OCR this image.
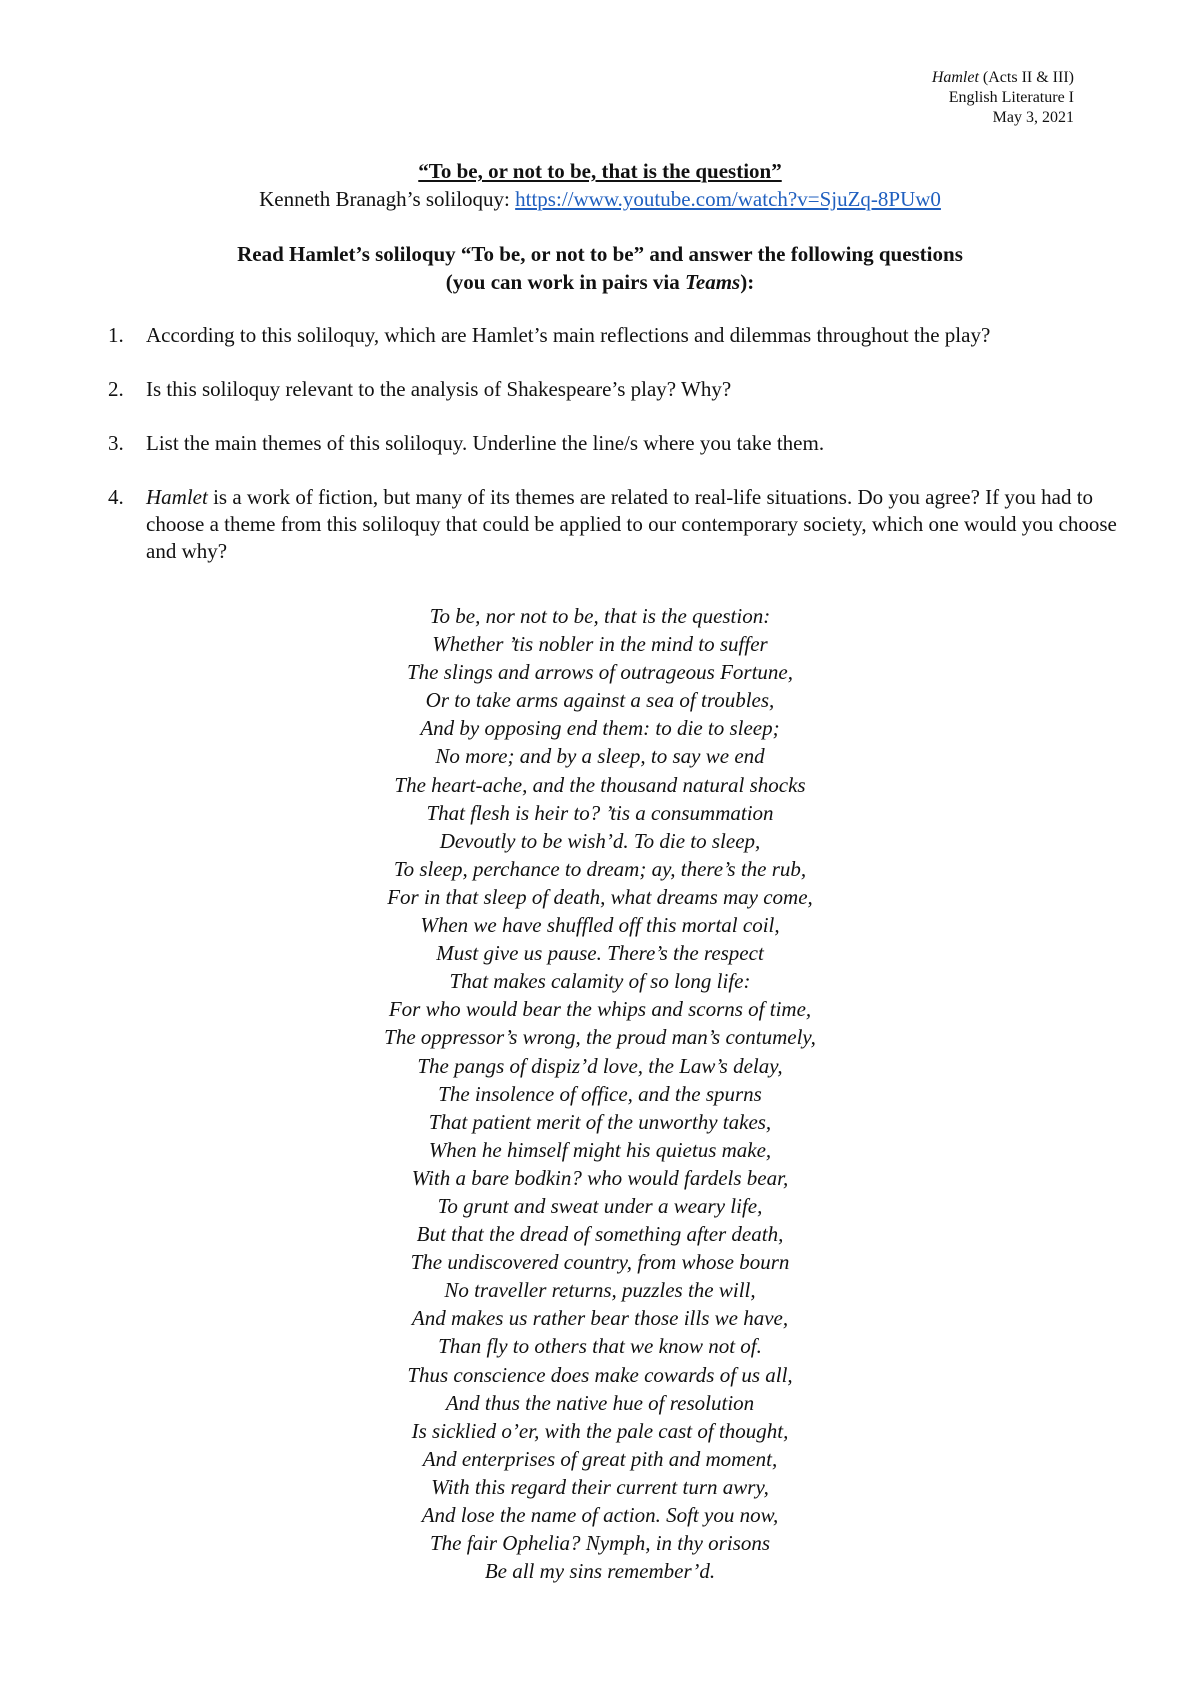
Hamlet (Acts II & III)
English Literature I
May 3, 2021
“To be, or not to be, that is the question”
Kenneth Branagh’s soliloquy: https://www.youtube.com/watch?v=SjuZq-8PUw0
Read Hamlet’s soliloquy “To be, or not to be” and answer the following questions
(you can work in pairs via Teams):
1.	According to this soliloquy, which are Hamlet’s main reflections and dilemmas throughout the play?
2.	Is this soliloquy relevant to the analysis of Shakespeare’s play? Why?
3.	List the main themes of this soliloquy. Underline the line/s where you take them.
4.	Hamlet is a work of fiction, but many of its themes are related to real-life situations. Do you agree? If you had to choose a theme from this soliloquy that could be applied to our contemporary society, which one would you choose and why?
To be, nor not to be, that is the question:
Whether ’tis nobler in the mind to suffer
The slings and arrows of outrageous Fortune,
Or to take arms against a sea of troubles,
And by opposing end them: to die to sleep;
No more; and by a sleep, to say we end
The heart-ache, and the thousand natural shocks
That flesh is heir to? ’tis a consummation
Devoutly to be wish’d. To die to sleep,
To sleep, perchance to dream; ay, there’s the rub,
For in that sleep of death, what dreams may come,
When we have shuffled off this mortal coil,
Must give us pause. There’s the respect
That makes calamity of so long life:
For who would bear the whips and scorns of time,
The oppressor’s wrong, the proud man’s contumely,
The pangs of dispiz’d love, the Law’s delay,
The insolence of office, and the spurns
That patient merit of the unworthy takes,
When he himself might his quietus make,
With a bare bodkin? who would fardels bear,
To grunt and sweat under a weary life,
But that the dread of something after death,
The undiscovered country, from whose bourn
No traveller returns, puzzles the will,
And makes us rather bear those ills we have,
Than fly to others that we know not of.
Thus conscience does make cowards of us all,
And thus the native hue of resolution
Is sicklied o’er, with the pale cast of thought,
And enterprises of great pith and moment,
With this regard their current turn awry,
And lose the name of action. Soft you now,
The fair Ophelia? Nymph, in thy orisons
Be all my sins remember’d.
